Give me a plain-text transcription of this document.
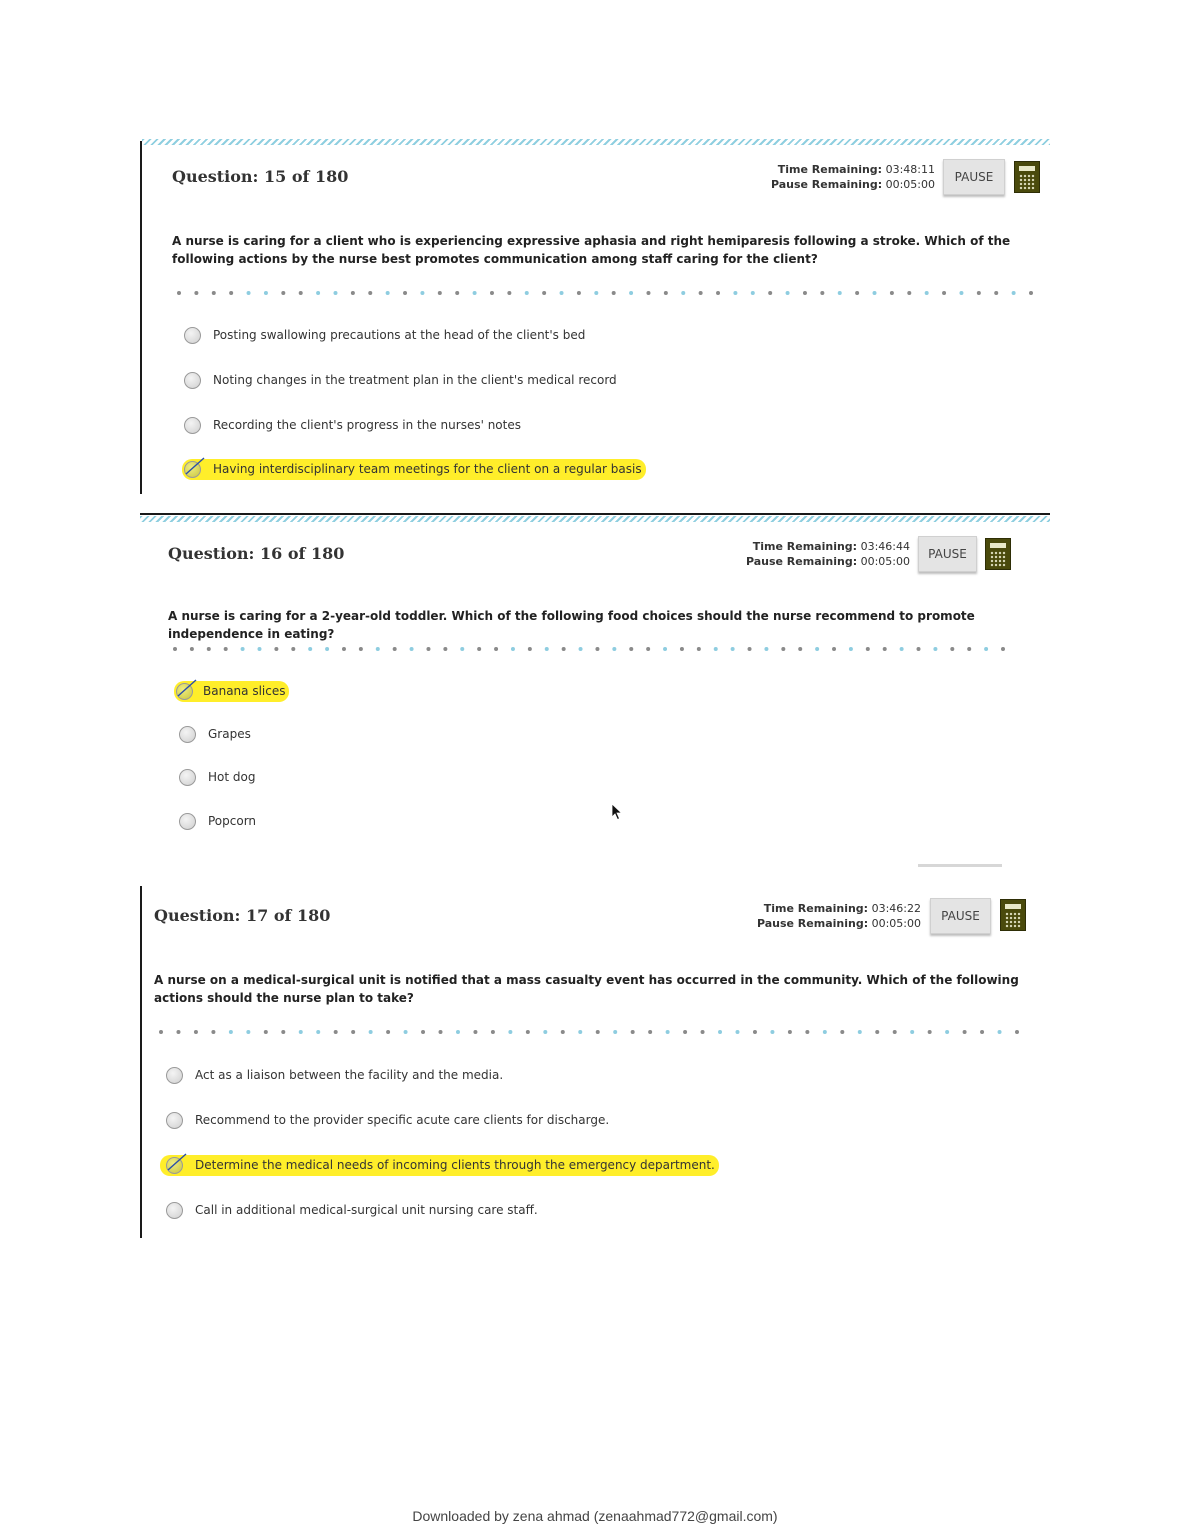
Question: 15 of 180	Time Remaining: 03:48:11
Pause Remaining: 00:05:00
PAUSE
A nurse is caring for a client who is experiencing expressive aphasia and right hemiparesis following a stroke. Which of the following actions by the nurse best promotes communication among staff caring for the client?
Posting swallowing precautions at the head of the client's bed
Noting changes in the treatment plan in the client's medical record
Recording the client's progress in the nurses' notes
Having interdisciplinary team meetings for the client on a regular basis
Question: 16 of 180	Time Remaining: 03:46:44
Pause Remaining: 00:05:00
PAUSE
A nurse is caring for a 2-year-old toddler. Which of the following food choices should the nurse recommend to promote independence in eating?
Banana slices
Grapes
Hot dog
Popcorn
Question: 17 of 180	Time Remaining: 03:46:22
Pause Remaining: 00:05:00
PAUSE
A nurse on a medical-surgical unit is notified that a mass casualty event has occurred in the community. Which of the following actions should the nurse plan to take?
Act as a liaison between the facility and the media.
Recommend to the provider specific acute care clients for discharge.
Determine the medical needs of incoming clients through the emergency department.
Call in additional medical-surgical unit nursing care staff.
Downloaded by zena ahmad (zenaahmad772@gmail.com)
